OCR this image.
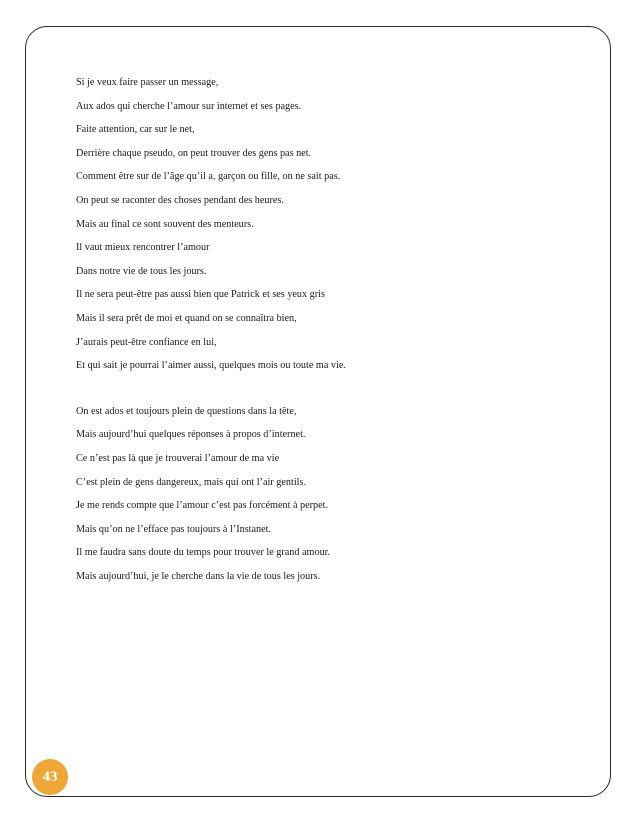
Si je veux faire passer un message,
Aux ados qui cherche l’amour sur internet et ses pages.
Faite attention, car sur le net,
Derrière chaque pseudo, on peut trouver des gens pas net.
Comment être sur de l’âge qu’il a, garçon ou fille, on ne sait pas.
On peut se raconter des choses pendant des heures.
Mais au final ce sont souvent des menteurs.
Il vaut mieux rencontrer l’amour
Dans notre vie de tous les jours.
Il ne sera peut-être pas aussi bien que Patrick et ses yeux gris
Mais il sera prêt de moi et quand on se connaîtra bien,
J’aurais peut-être confiance en lui,
Et qui sait je pourrai l’aimer aussi, quelques mois ou toute ma vie.
On est ados et toujours plein de questions dans la tête,
Mais aujourd’hui quelques réponses à propos d’internet.
Ce n’est pas là que je trouverai l’amour de ma vie
C’est plein de gens dangereux, mais qui ont l’air gentils.
Je me rends compte que l’amour c’est pas forcément à perpet.
Mais qu’on ne l’efface pas toujours à l’Instanet.
Il me faudra sans doute du temps pour trouver le grand amour.
Mais aujourd’hui, je le cherche dans la vie de tous les jours.
43
